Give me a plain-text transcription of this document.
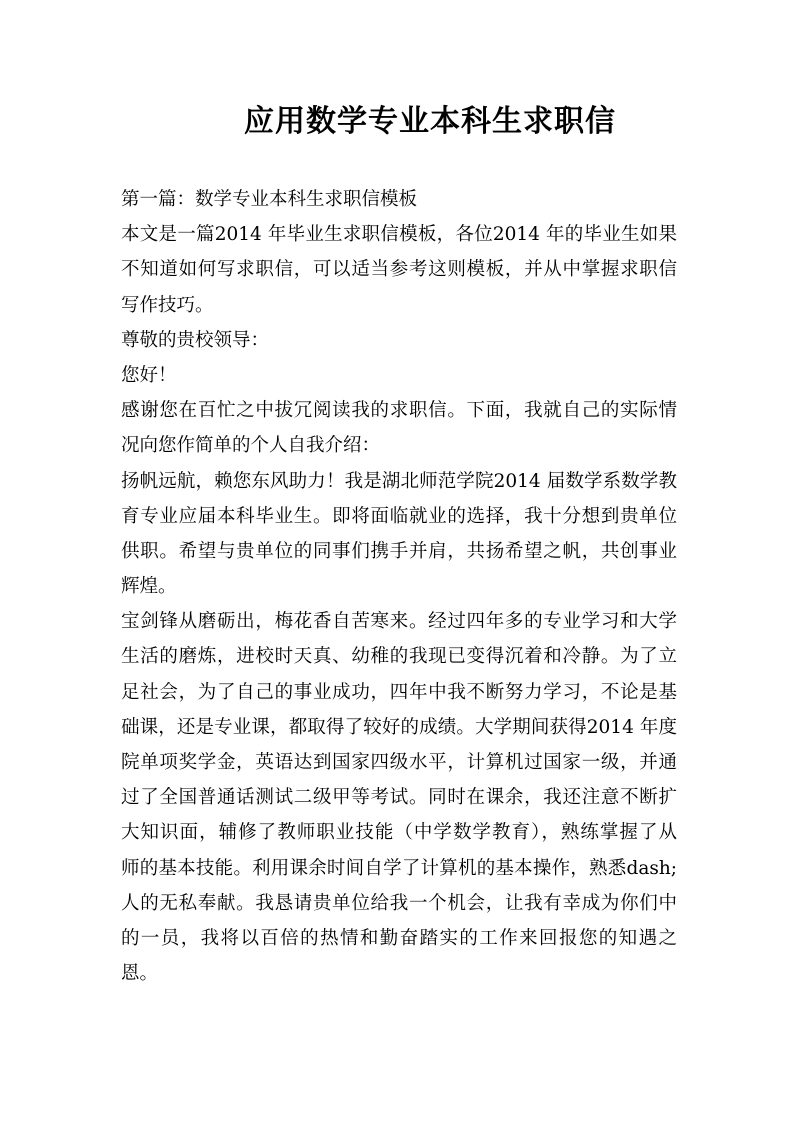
应用数学专业本科生求职信
第一篇：数学专业本科生求职信模板
本文是一篇2014 年毕业生求职信模板，各位2014 年的毕业生如果
不知道如何写求职信，可以适当参考这则模板，并从中掌握求职信
写作技巧。
尊敬的贵校领导：
您好！
感谢您在百忙之中拔冗阅读我的求职信。下面，我就自己的实际情
况向您作简单的个人自我介绍：
扬帆远航，赖您东风助力！我是湖北师范学院2014 届数学系数学教
育专业应届本科毕业生。即将面临就业的选择，我十分想到贵单位
供职。希望与贵单位的同事们携手并肩，共扬希望之帆，共创事业
辉煌。
宝剑锋从磨砺出，梅花香自苦寒来。经过四年多的专业学习和大学
生活的磨炼，进校时天真、幼稚的我现已变得沉着和冷静。为了立
足社会，为了自己的事业成功，四年中我不断努力学习，不论是基
础课，还是专业课，都取得了较好的成绩。大学期间获得2014 年度
院单项奖学金，英语达到国家四级水平，计算机过国家一级，并通
过了全国普通话测试二级甲等考试。同时在课余，我还注意不断扩
大知识面，辅修了教师职业技能（中学数学教育），熟练掌握了从
师的基本技能。利用课余时间自学了计算机的基本操作，熟悉dash;
人的无私奉献。我恳请贵单位给我一个机会，让我有幸成为你们中
的一员，我将以百倍的热情和勤奋踏实的工作来回报您的知遇之
恩。
